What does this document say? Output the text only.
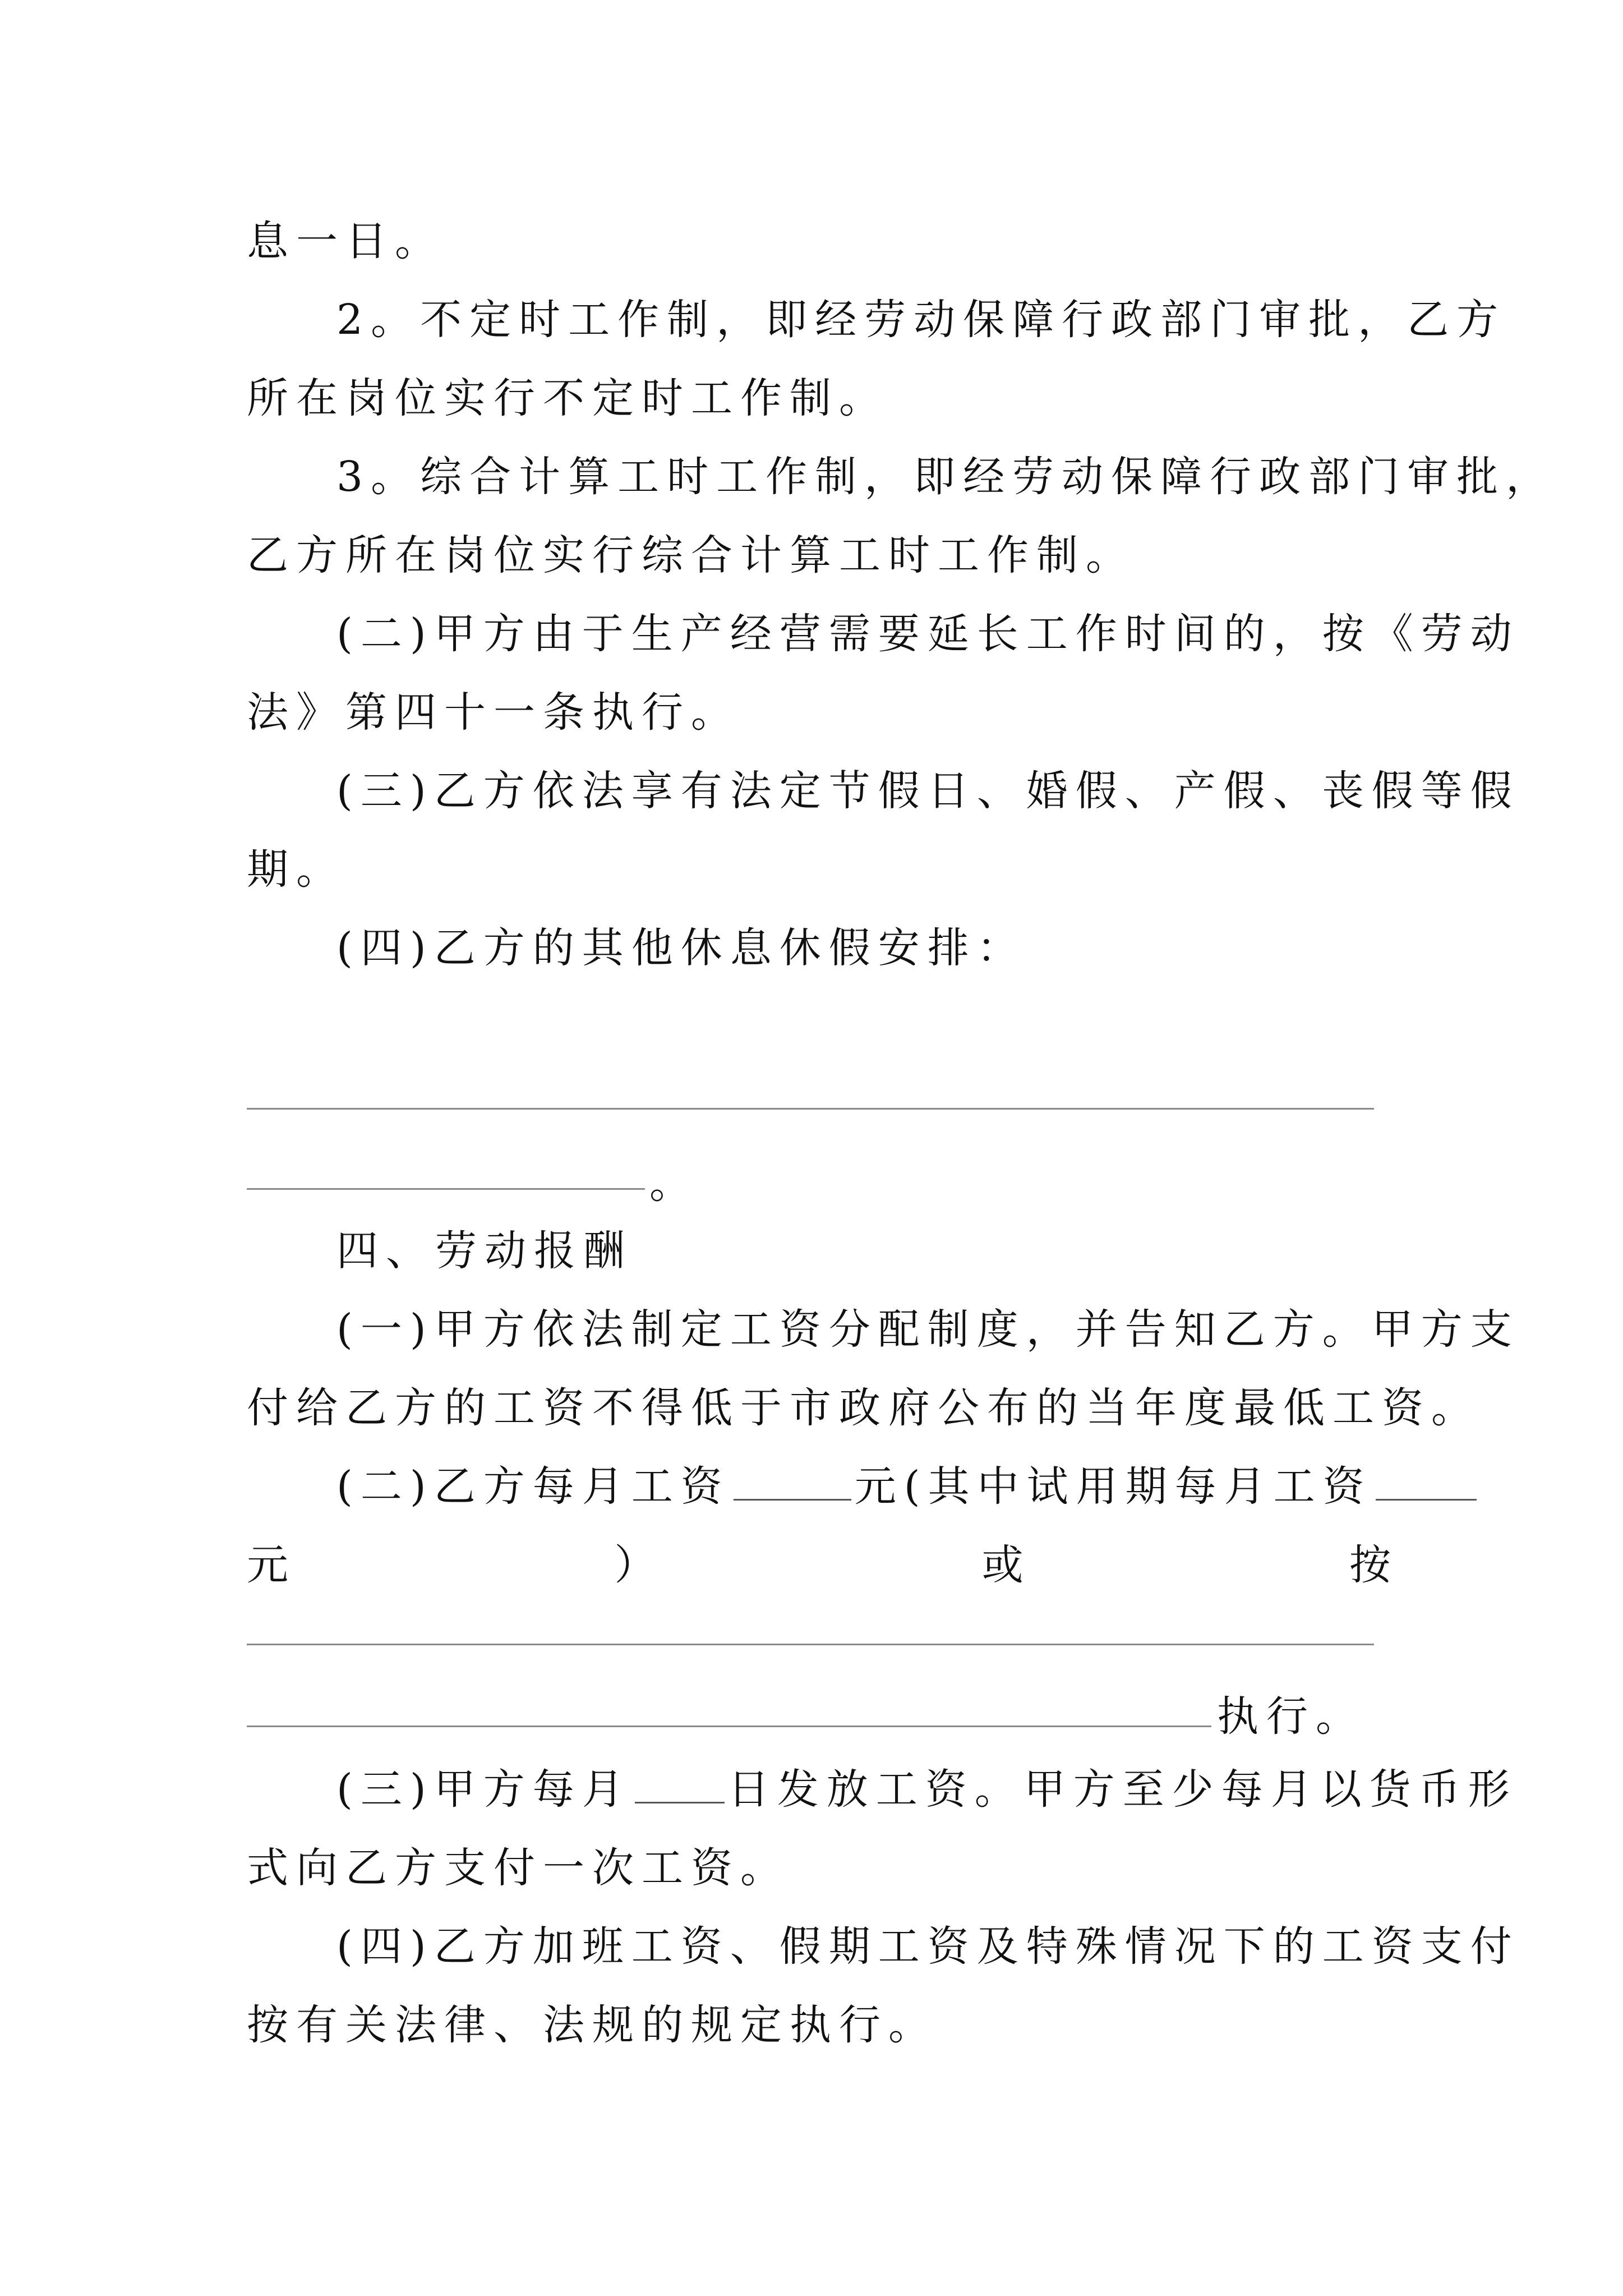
息一日。
2。不定时工作制，即经劳动保障行政部门审批，乙方
所在岗位实行不定时工作制。
3。综合计算工时工作制，即经劳动保障行政部门审批，
乙方所在岗位实行综合计算工时工作制。
(二)甲方由于生产经营需要延长工作时间的，按《劳动
法》第四十一条执行。
(三)乙方依法享有法定节假日、婚假、产假、丧假等假
期。
(四)乙方的其他休息休假安排：
。
四、劳动报酬
(一)甲方依法制定工资分配制度，并告知乙方。甲方支
付给乙方的工资不得低于市政府公布的当年度最低工资。
(二)乙方每月工资	元(其中试用期每月工资
元	）	或	按
执行。
(三)甲方每月 日发放工资。甲方至少每月以货币形
式向乙方支付一次工资。
(四)乙方加班工资、假期工资及特殊情况下的工资支付
按有关法律、法规的规定执行。
